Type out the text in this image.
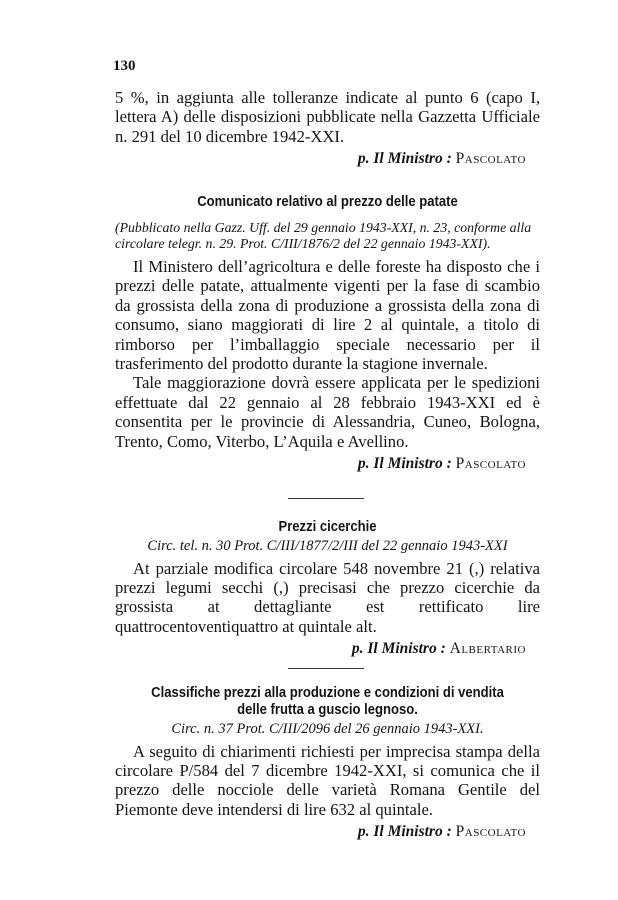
130

5 %, in aggiunta alle tolleranze indicate al punto 6 (capo I, lettera A) delle disposizioni pubblicate nella Gazzetta Ufficiale n. 291 del 10 dicembre 1942-XXI.

p. Il Ministro : Pascolato
Comunicato relativo al prezzo delle patate

(Pubblicato nella Gazz. Uff. del 29 gennaio 1943-XXI, n. 23, conforme alla circolare telegr. n. 29. Prot. C/III/1876/2 del 22 gennaio 1943-XXI).

Il Ministero dell’agricoltura e delle foreste ha disposto che i prezzi delle patate, attualmente vigenti per la fase di scambio da grossista della zona di produzione a grossista della zona di consumo, siano maggiorati di lire 2 al quintale, a titolo di rimborso per l’imballaggio speciale necessario per il trasferimento del prodotto durante la stagione invernale.

Tale maggiorazione dovrà essere applicata per le spedizioni effettuate dal 22 gennaio al 28 febbraio 1943-XXI ed è consentita per le provincie di Alessandria, Cuneo, Bologna, Trento, Como, Viterbo, L’Aquila e Avellino.

p. Il Ministro : Pascolato
Prezzi cicerchie

Circ. tel. n. 30 Prot. C/III/1877/2/III del 22 gennaio 1943-XXI

At parziale modifica circolare 548 novembre 21 (,) relativa prezzi legumi secchi (,) precisasi che prezzo cicerchie da grossista at dettagliante est rettificato lire quattrocentoventiquattro at quintale alt.

p. Il Ministro : Albertario
Classifiche prezzi alla produzione e condizioni di vendita
delle frutta a guscio legnoso.

Circ. n. 37 Prot. C/III/2096 del 26 gennaio 1943-XXI.

A seguito di chiarimenti richiesti per imprecisa stampa della circolare P/584 del 7 dicembre 1942-XXI, si comunica che il prezzo delle nocciole delle varietà Romana Gentile del Piemonte deve intendersi di lire 632 al quintale.

p. Il Ministro : Pascolato
